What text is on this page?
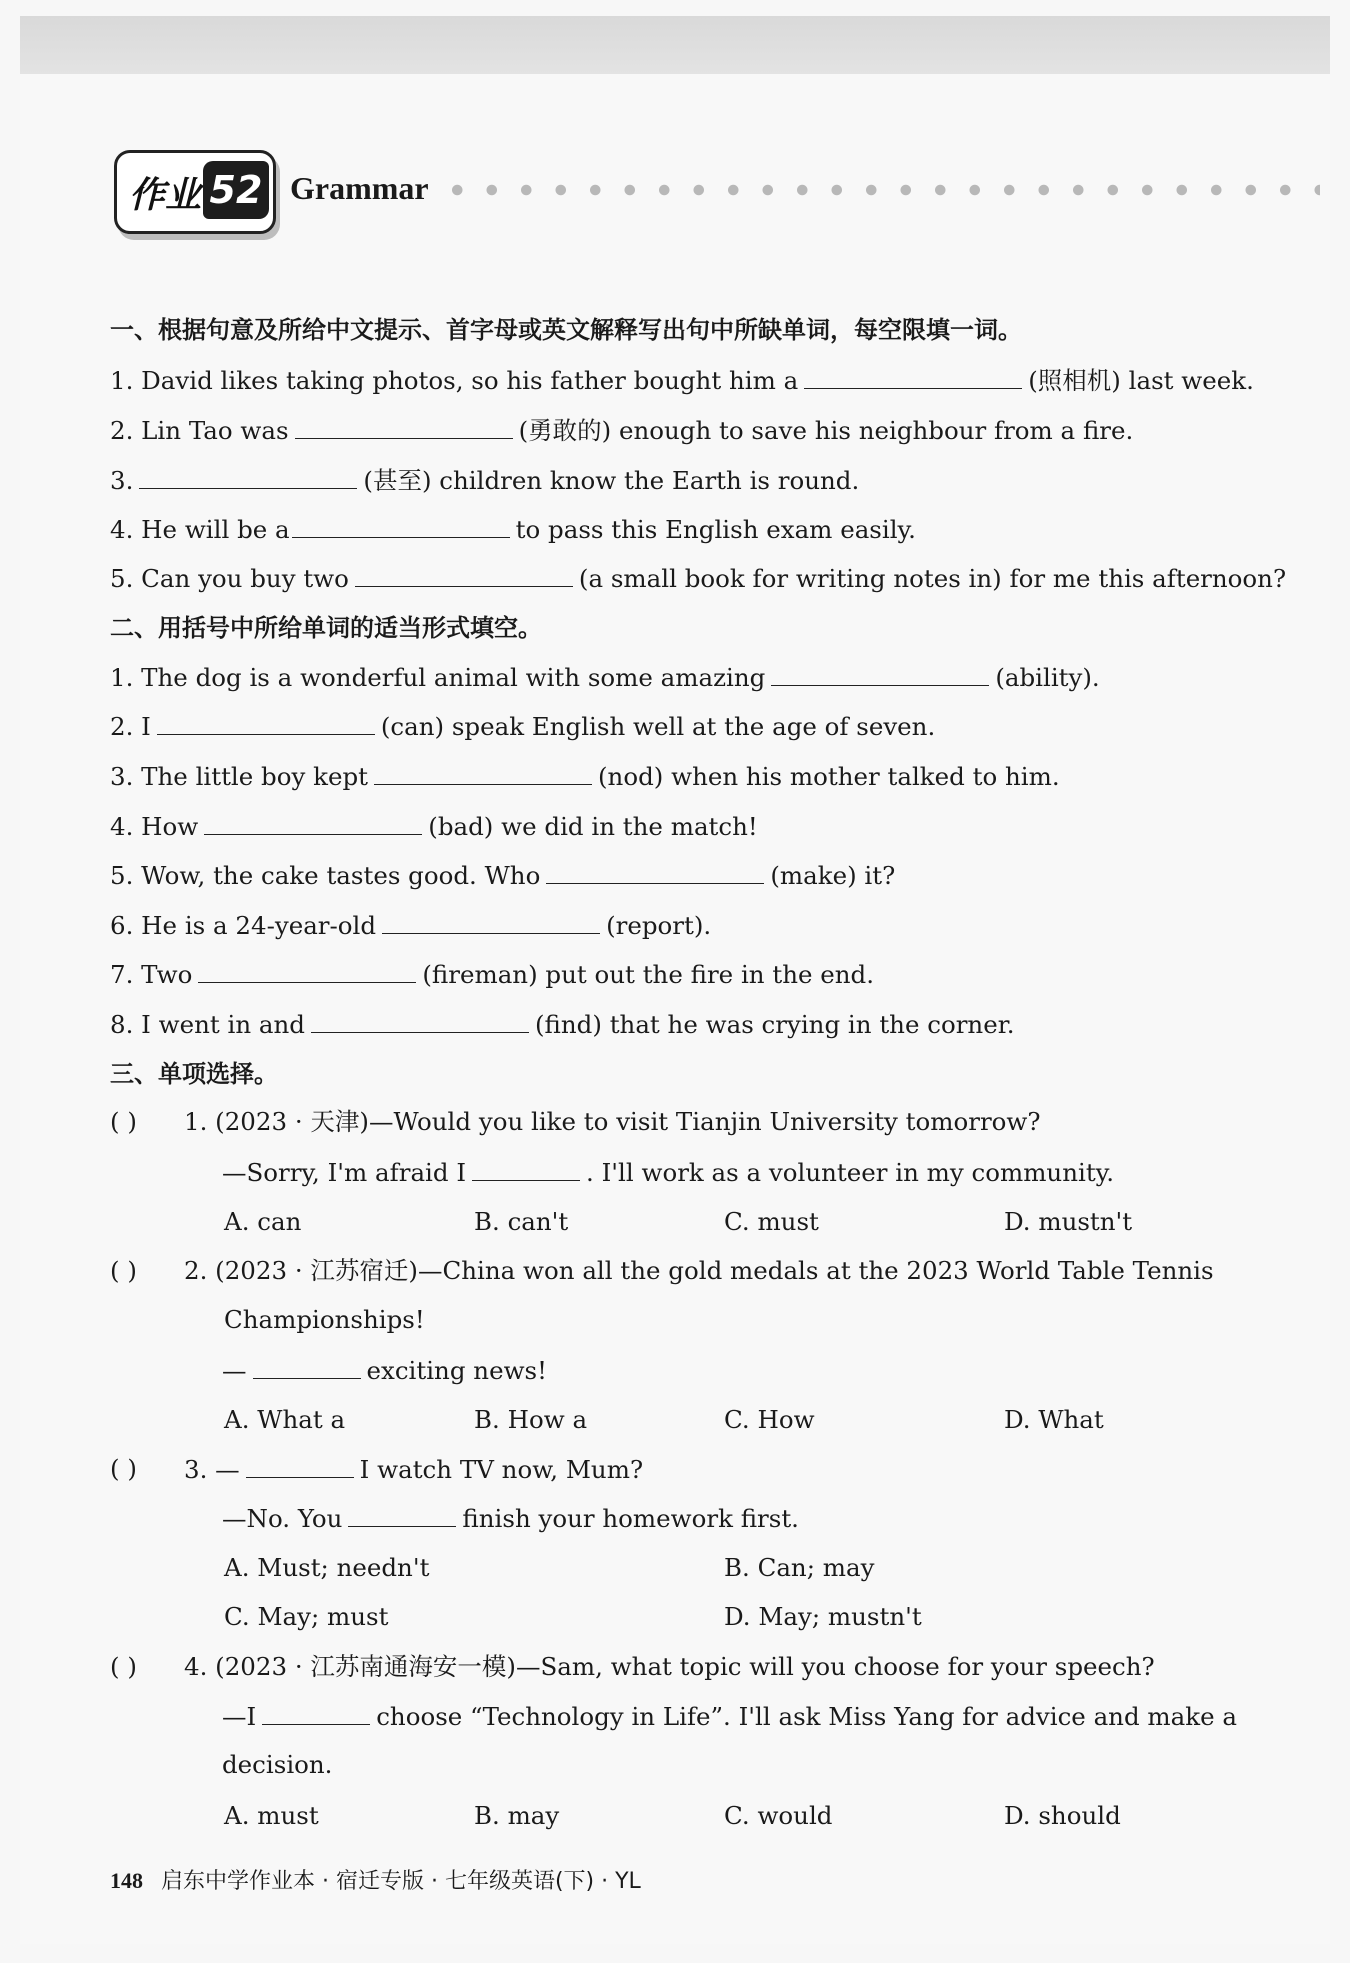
作业 52 Grammar
一、根据句意及所给中文提示、首字母或英文解释写出句中所缺单词，每空限填一词。
1. David likes taking photos, so his father bought him a	(照相机) last week.
2. Lin Tao was	(勇敢的) enough to save his neighbour from a fire.
3.	(甚至) children know the Earth is round.
4. He will be a	to pass this English exam easily.
5. Can you buy two	(a small book for writing notes in) for me this afternoon?
二、用括号中所给单词的适当形式填空。
1. The dog is a wonderful animal with some amazing	(ability).
2. I	(can) speak English well at the age of seven.
3. The little boy kept	(nod) when his mother talked to him.
4. How	(bad) we did in the match!
5. Wow, the cake tastes good. Who	(make) it?
6. He is a 24-year-old	(report).
7. Two	(fireman) put out the fire in the end.
8. I went in and	(find) that he was crying in the corner.
三、单项选择。
( ) 1. (2023 · 天津)—Would you like to visit Tianjin University tomorrow?
—Sorry, I'm afraid I	. I'll work as a volunteer in my community.
A. can	B. can't	C. must	D. mustn't
( ) 2. (2023 · 江苏宿迁)—China won all the gold medals at the 2023 World Table Tennis
Championships!
—	exciting news!
A. What a	B. How a	C. How	D. What
( ) 3. —	I watch TV now, Mum?
—No. You	finish your homework first.
A. Must; needn't	B. Can; may
C. May; must	D. May; mustn't
( ) 4. (2023 · 江苏南通海安一模)—Sam, what topic will you choose for your speech?
—I	choose “Technology in Life”. I'll ask Miss Yang for advice and make a
decision.
A. must	B. may	C. would	D. should
148 启东中学作业本 · 宿迁专版 · 七年级英语(下) · YL
